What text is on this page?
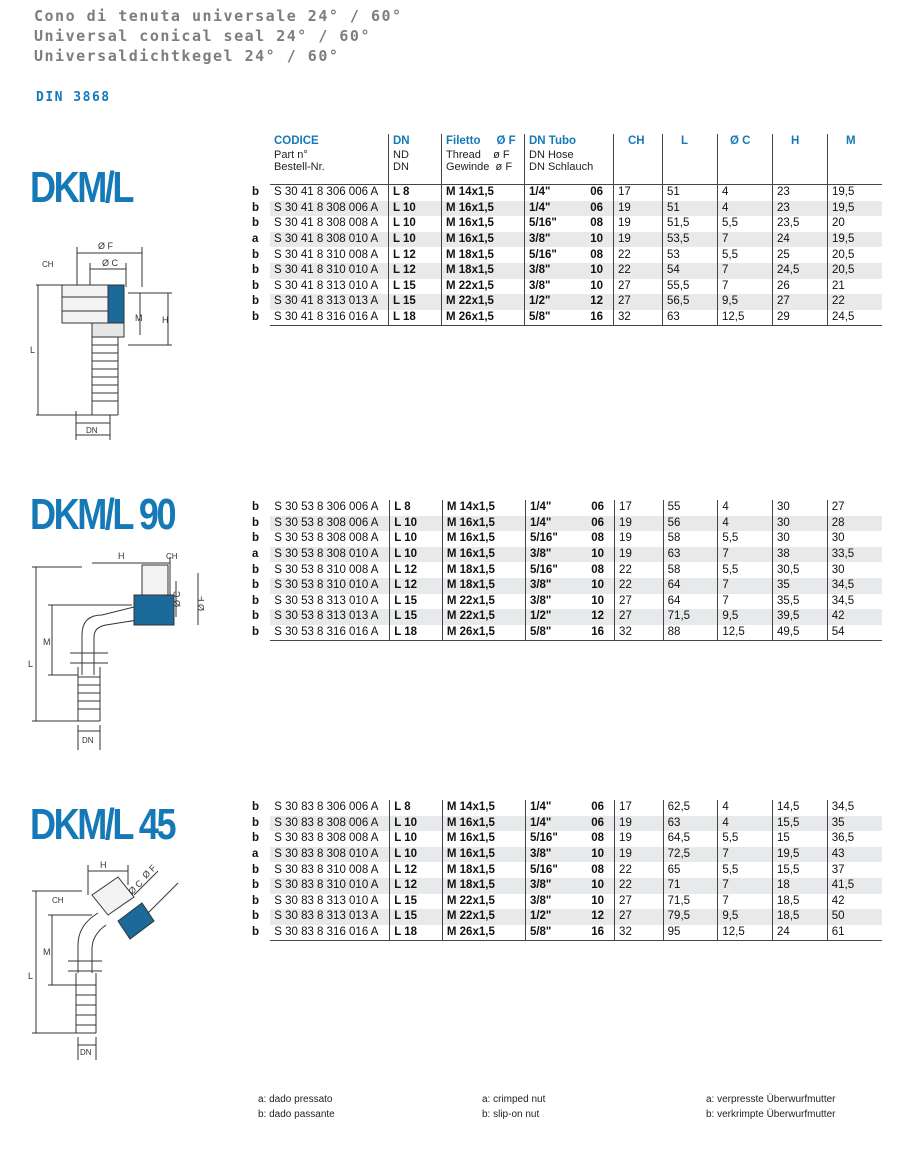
Cono di tenuta universale 24° / 60°
Universal conical seal 24° / 60°
Universaldichtkegel 24° / 60°
DIN 3868
DKM/L
Ø F
Ø C
CH
L
M H
DN

	CODICE
Part n°
Bestell-Nr.	DN
ND
DN	Filetto Ø F
Thread ø F
Gewinde ø F	DN Tubo
DN Hose
DN Schlauch		CH	L	Ø C	H	M

b	S 30 41 8 306 006 A	L 8	M 14x1,5	1/4"	06	17	51	4	23	19,5
b	S 30 41 8 308 006 A	L 10	M 16x1,5	1/4"	06	19	51	4	23	19,5
b	S 30 41 8 308 008 A	L 10	M 16x1,5	5/16"	08	19	51,5	5,5	23,5	20
a	S 30 41 8 308 010 A	L 10	M 16x1,5	3/8"	10	19	53,5	7	24	19,5
b	S 30 41 8 310 008 A	L 12	M 18x1,5	5/16"	08	22	53	5,5	25	20,5
b	S 30 41 8 310 010 A	L 12	M 18x1,5	3/8"	10	22	54	7	24,5	20,5
b	S 30 41 8 313 010 A	L 15	M 22x1,5	3/8"	10	27	55,5	7	26	21
b	S 30 41 8 313 013 A	L 15	M 22x1,5	1/2"	12	27	56,5	9,5	27	22
b	S 30 41 8 316 016 A	L 18	M 26x1,5	5/8"	16	32	63	12,5	29	24,5
DKM/L 90
H	CH
Ø C Ø F
L
M
DN
b	S 30 53 8 306 006 A	L 8	M 14x1,5	1/4"	06	17	55	4	30	27
b	S 30 53 8 308 006 A	L 10	M 16x1,5	1/4"	06	19	56	4	30	28
b	S 30 53 8 308 008 A	L 10	M 16x1,5	5/16"	08	19	58	5,5	30	30
a	S 30 53 8 308 010 A	L 10	M 16x1,5	3/8"	10	19	63	7	38	33,5
b	S 30 53 8 310 008 A	L 12	M 18x1,5	5/16"	08	22	58	5,5	30,5	30
b	S 30 53 8 310 010 A	L 12	M 18x1,5	3/8"	10	22	64	7	35	34,5
b	S 30 53 8 313 010 A	L 15	M 22x1,5	3/8"	10	27	64	7	35,5	34,5
b	S 30 53 8 313 013 A	L 15	M 22x1,5	1/2"	12	27	71,5	9,5	39,5	42
b	S 30 53 8 316 016 A	L 18	M 26x1,5	5/8"	16	32	88	12,5	49,5	54
DKM/L 45
H
CH
Ø C
Ø F
L
M
DN
b	S 30 83 8 306 006 A	L 8	M 14x1,5	1/4"	06	17	62,5	4	14,5	34,5
b	S 30 83 8 308 006 A	L 10	M 16x1,5	1/4"	06	19	63	4	15,5	35
b	S 30 83 8 308 008 A	L 10	M 16x1,5	5/16"	08	19	64,5	5,5	15	36,5
a	S 30 83 8 308 010 A	L 10	M 16x1,5	3/8"	10	19	72,5	7	19,5	43
b	S 30 83 8 310 008 A	L 12	M 18x1,5	5/16"	08	22	65	5,5	15,5	37
b	S 30 83 8 310 010 A	L 12	M 18x1,5	3/8"	10	22	71	7	18	41,5
b	S 30 83 8 313 010 A	L 15	M 22x1,5	3/8"	10	27	71,5	7	18,5	42
b	S 30 83 8 313 013 A	L 15	M 22x1,5	1/2"	12	27	79,5	9,5	18,5	50
b	S 30 83 8 316 016 A	L 18	M 26x1,5	5/8"	16	32	95	12,5	24	61
a: dado pressato
b: dado passante
a: crimped nut
b: slip-on nut
a: verpresste Überwurfmutter
b: verkrimpte Überwurfmutter
